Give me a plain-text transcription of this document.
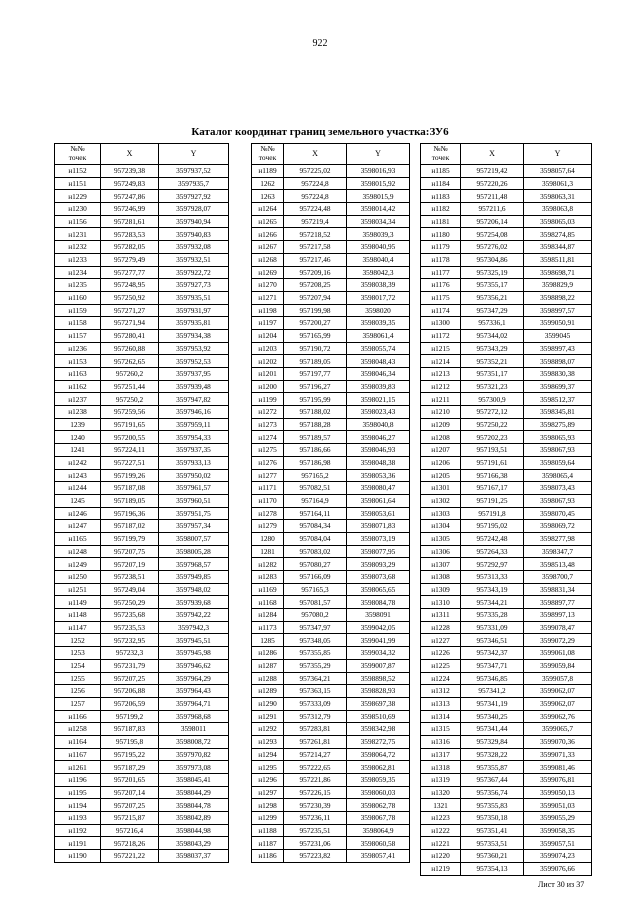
922
Каталог координат границ земельного участка:ЗУ6
№№
точек	X	Y
н1152	957239,38	3597937,52
н1151	957249,83	3597935,7
н1229	957247,86	3597927,92
н1230	957246,99	3597928,07
н1156	957281,61	3597940,94
н1231	957283,53	3597940,83
н1232	957282,05	3597932,08
н1233	957279,49	3597932,51
н1234	957277,77	3597922,72
н1235	957248,95	3597927,73
н1160	957250,92	3597935,51
н1159	957271,27	3597931,97
н1158	957271,94	3597935,81
н1157	957280,41	3597934,38
н1236	957260,88	3597953,92
н1153	957262,65	3597952,53
н1163	957260,2	3597937,95
н1162	957251,44	3597939,48
н1237	957250,2	3597947,82
н1238	957259,56	3597946,16
1239	957191,65	3597959,11
1240	957200,55	3597954,33
1241	957224,11	3597937,35
н1242	957227,51	3597933,13
н1243	957199,26	3597950,02
н1244	957187,08	3597961,57
1245	957189,05	3597960,51
н1246	957196,36	3597951,75
н1247	957187,02	3597957,34
н1165	957199,79	3598007,57
н1248	957207,75	3598005,28
н1249	957207,19	3597968,57
н1250	957238,51	3597949,85
н1251	957249,04	3597948,02
н1149	957250,29	3597939,68
н1148	957235,68	3597942,22
н1147	957235,53	3597942,3
1252	957232,95	3597945,51
1253	957232,3	3597945,98
1254	957231,79	3597946,62
1255	957207,25	3597964,29
1256	957206,88	3597964,43
1257	957206,59	3597964,71
н1166	957199,2	3597968,68
н1258	957187,83	3598011
н1164	957195,8	3598008,72
н1167	957195,22	3597970,82
н1261	957187,29	3597973,08
н1196	957201,65	3598045,41
н1195	957207,14	3598044,29
н1194	957207,25	3598044,78
н1193	957215,87	3598042,89
н1192	957216,4	3598044,98
н1191	957218,26	3598043,29
н1190	957221,22	3598037,37
№№
точек	X	Y
н1189	957225,02	3598016,93
1262	957224,8	3598015,92
1263	957224,8	3598015,9
н1264	957224,48	3598014,42
н1265	957219,4	3598034,34
н1266	957218,52	3598039,3
н1267	957217,58	3598040,95
н1268	957217,46	3598040,4
н1269	957209,16	3598042,3
н1270	957208,25	3598038,39
н1271	957207,94	3598017,72
н1198	957199,98	3598020
н1197	957200,27	3598039,35
н1204	957165,99	3598061,4
н1203	957190,72	3598055,74
н1202	957189,05	3598048,43
н1201	957197,77	3598046,34
н1200	957196,27	3598039,83
н1199	957195,99	3598021,15
н1272	957188,02	3598023,43
н1273	957188,28	3598040,8
н1274	957189,57	3598046,27
н1275	957186,66	3598046,93
н1276	957186,98	3598048,38
н1277	957165,2	3598053,36
н1171	957082,51	3598080,47
н1170	957164,9	3598061,64
н1278	957164,11	3598053,61
н1279	957084,34	3598071,83
1280	957084,04	3598073,19
1281	957083,02	3598077,95
н1282	957080,27	3598093,29
н1283	957166,09	3598073,68
н1169	957165,3	3598065,65
н1168	957081,57	3598084,78
н1284	957080,2	3598091
н1173	957347,97	3599042,05
1285	957348,05	3599041,99
н1286	957355,85	3599034,32
н1287	957355,29	3599007,87
н1288	957364,21	3598898,52
н1289	957363,15	3598828,93
н1290	957333,09	3598697,38
н1291	957312,79	3598510,69
н1292	957283,81	3598342,98
н1293	957261,81	3598272,75
н1294	957214,27	3598064,72
н1295	957222,65	3598062,81
н1296	957221,86	3598059,35
н1297	957226,15	3598060,03
н1298	957230,39	3598062,78
н1299	957236,11	3598067,78
н1188	957235,51	3598064,9
н1187	957231,06	3598060,58
н1186	957223,82	3598057,41
№№
точек	X	Y
н1185	957219,42	3598057,64
н1184	957220,26	3598061,3
н1183	957211,48	3598063,31
н1182	957211,6	3598063,8
н1181	957206,14	3598065,03
н1180	957254,08	3598274,85
н1179	957276,02	3598344,87
н1178	957304,86	3598511,81
н1177	957325,19	3598698,71
н1176	957355,17	3598829,9
н1175	957356,21	3598898,22
н1174	957347,29	3598997,57
н1300	957336,1	3599050,91
н1172	957344,02	3599045
н1215	957343,29	3598997,43
н1214	957352,21	3598898,07
н1213	957351,17	3598830,38
н1212	957321,23	3598699,37
н1211	957300,9	3598512,37
н1210	957272,12	3598345,81
н1209	957250,22	3598275,89
н1208	957202,23	3598065,93
н1207	957193,51	3598067,93
н1206	957191,61	3598059,64
н1205	957166,38	3598065,4
н1301	957167,17	3598073,43
н1302	957191,25	3598067,93
н1303	957191,8	3598070,45
н1304	957195,02	3598069,72
н1305	957242,48	3598277,98
н1306	957264,33	3598347,7
н1307	957292,97	3598513,48
н1308	957313,33	3598700,7
н1309	957343,19	3598831,34
н1310	957344,21	3598897,77
н1311	957335,28	3598997,13
н1228	957331,09	3599078,47
н1227	957346,51	3599072,29
н1226	957342,37	3599061,08
н1225	957347,71	3599059,84
н1224	957346,85	3599057,8
н1312	957341,2	3599062,07
н1313	957341,19	3599062,07
н1314	957340,25	3599062,76
н1315	957341,44	3599065,7
н1316	957329,84	3599070,36
н1317	957328,22	3599071,33
н1318	957355,87	3599081,46
н1319	957367,44	3599076,81
н1320	957356,74	3599050,13
1321	957355,83	3599051,03
н1223	957350,18	3599055,29
н1222	957351,41	3599058,35
н1221	957353,51	3599057,51
н1220	957360,21	3599074,23
н1219	957354,13	3599076,66
Лист 30 из 37
